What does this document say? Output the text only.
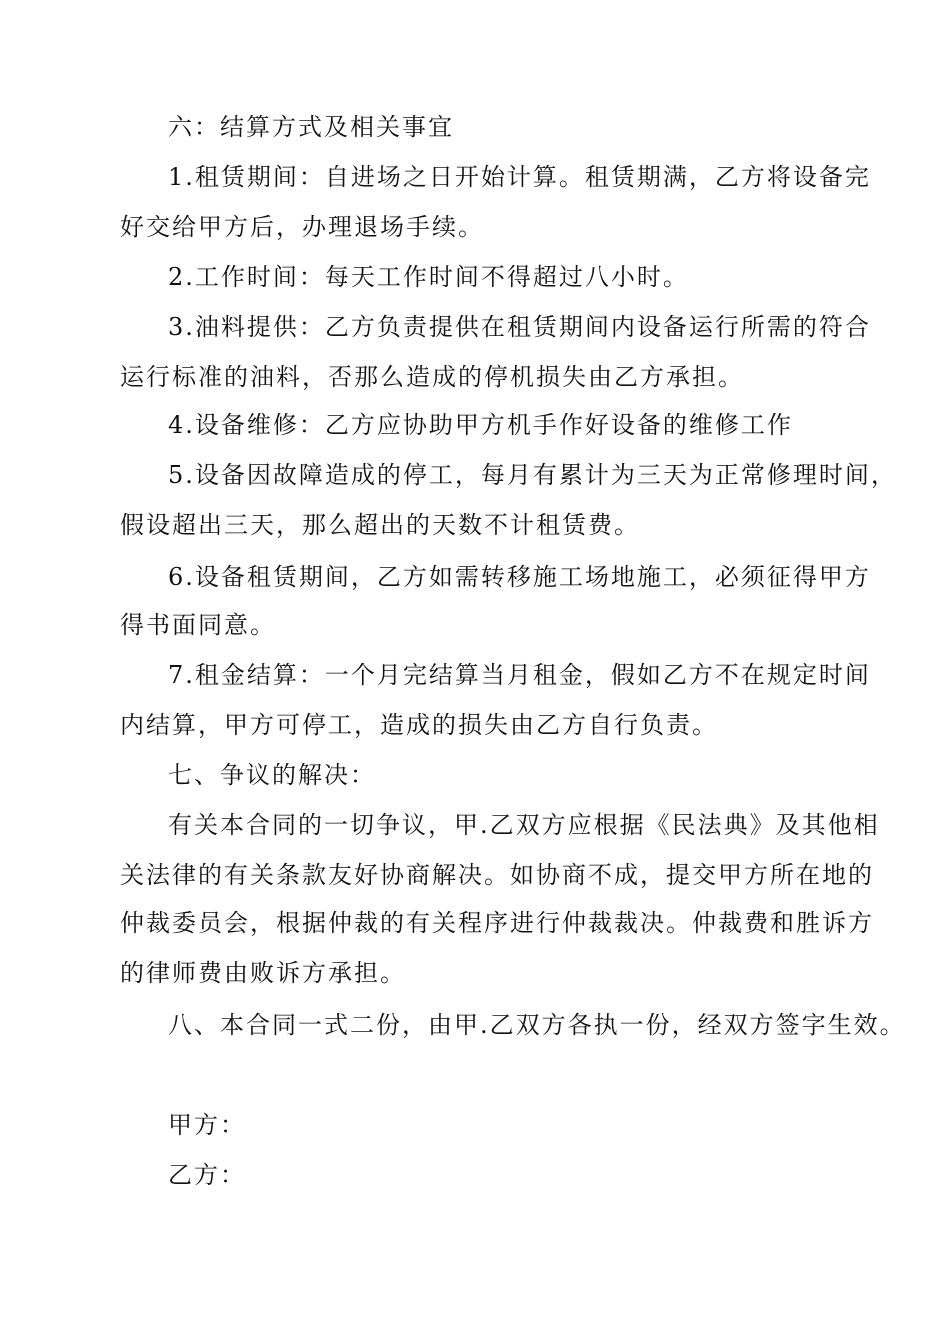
六：结算方式及相关事宜

1.租赁期间：自进场之日开始计算。租赁期满，乙方将设备完

好交给甲方后，办理退场手续。

2.工作时间：每天工作时间不得超过八小时。

3.油料提供：乙方负责提供在租赁期间内设备运行所需的符合

运行标准的油料，否那么造成的停机损失由乙方承担。

4.设备维修：乙方应协助甲方机手作好设备的维修工作

5.设备因故障造成的停工，每月有累计为三天为正常修理时间，

假设超出三天，那么超出的天数不计租赁费。

6.设备租赁期间，乙方如需转移施工场地施工，必须征得甲方

得书面同意。

7.租金结算：一个月完结算当月租金，假如乙方不在规定时间

内结算，甲方可停工，造成的损失由乙方自行负责。

七、争议的解决：

有关本合同的一切争议，甲.乙双方应根据《民法典》及其他相

关法律的有关条款友好协商解决。如协商不成，提交甲方所在地的

仲裁委员会，根据仲裁的有关程序进行仲裁裁决。仲裁费和胜诉方

的律师费由败诉方承担。

八、本合同一式二份，由甲.乙双方各执一份，经双方签字生效。

甲方：

乙方：
